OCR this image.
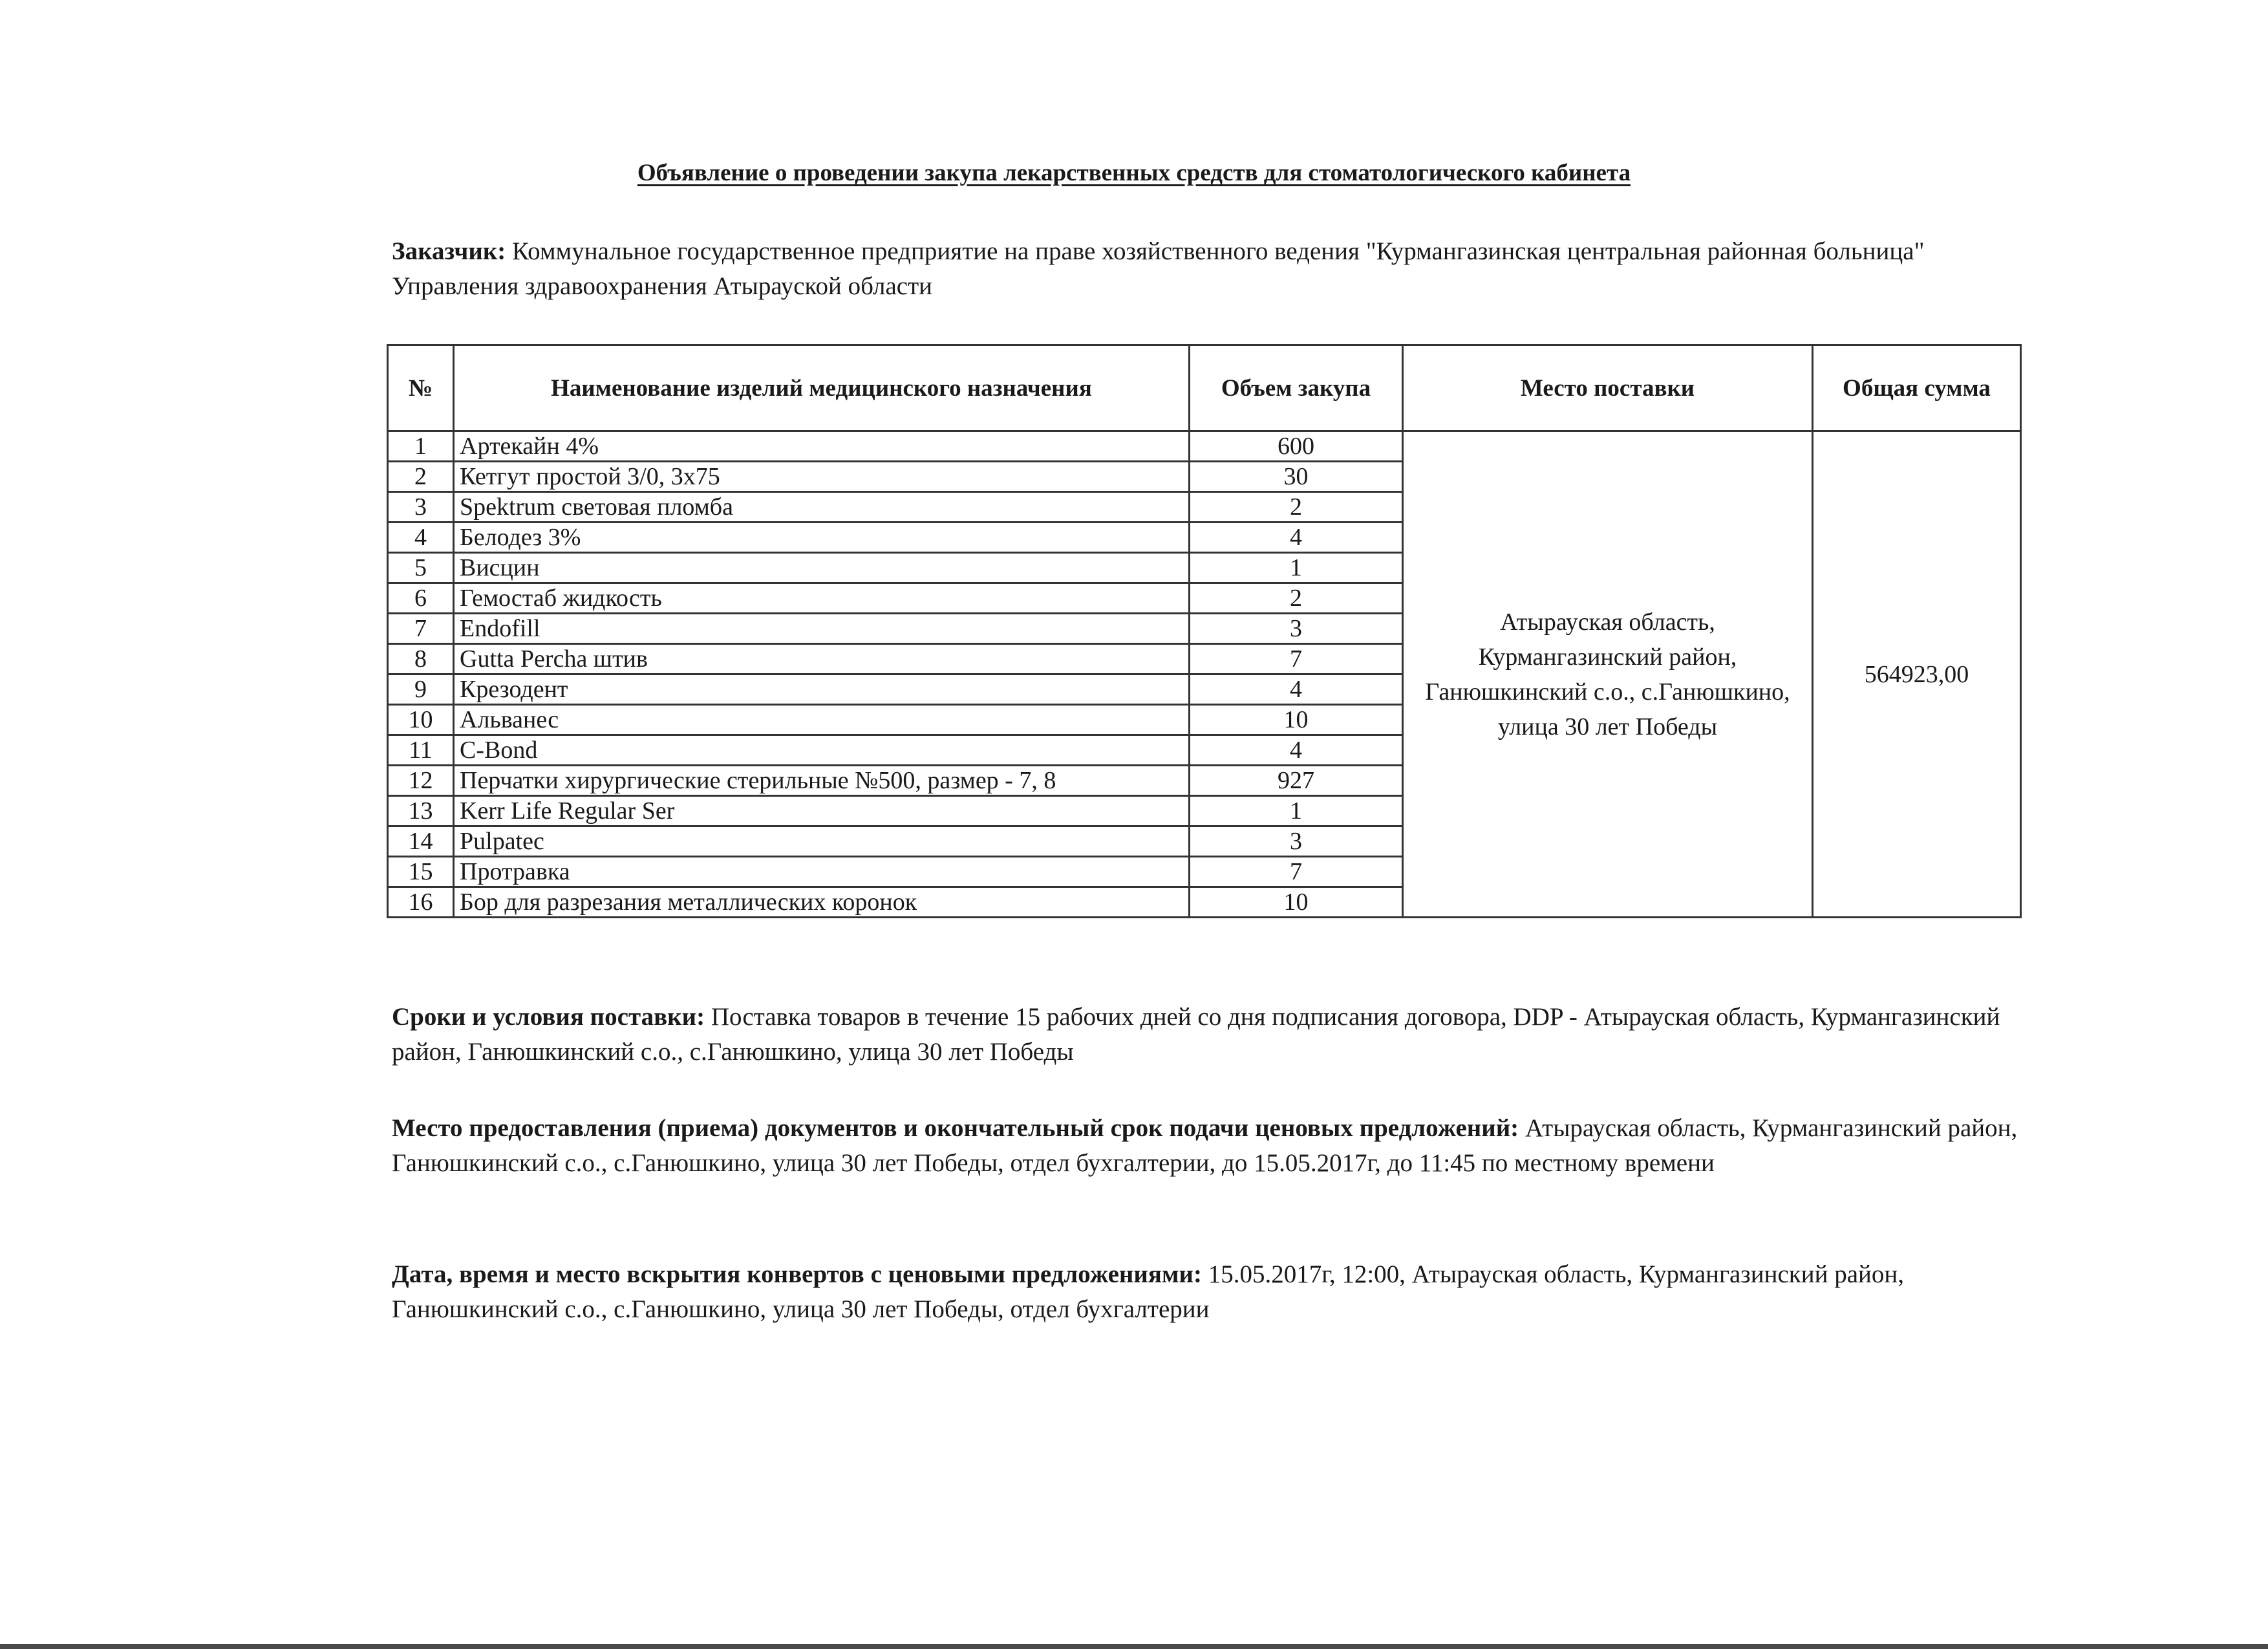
Объявление о проведении закупа лекарственных средств для стоматологического кабинета
Заказчик: Коммунальное государственное предприятие на праве хозяйственного ведения "Курмангазинская центральная районная больница" Управления здравоохранения Атырауской области
№	Наименование изделий медицинского назначения	Объем закупа	Место поставки	Общая сумма
1	Артекайн 4%	600	Атырауская область, Курмангазинский район, Ганюшкинский с.о., с.Ганюшкино, улица 30 лет Победы	564923,00
2	Кетгут простой 3/0, 3х75	30		
3	Spektrum световая пломба	2		
4	Белодез 3%	4		
5	Висцин	1		
6	Гемостаб жидкость	2		
7	Endofill	3		
8	Gutta Percha штив	7		
9	Крезодент	4		
10	Альванес	10		
11	C-Bond	4		
12	Перчатки хирургические стерильные №500, размер - 7, 8	927		
13	Kerr Life Regular Ser	1		
14	Pulpatec	3		
15	Протравка	7		
16	Бор для разрезания металлических коронок	10		
Сроки и условия поставки: Поставка товаров в течение 15 рабочих дней со дня подписания договора, DDP - Атырауская область, Курмангазинский район, Ганюшкинский с.о., с.Ганюшкино, улица 30 лет Победы
Место предоставления (приема) документов и окончательный срок подачи ценовых предложений: Атырауская область, Курмангазинский район, Ганюшкинский с.о., с.Ганюшкино, улица 30 лет Победы, отдел бухгалтерии, до 15.05.2017г, до 11:45 по местному времени
Дата, время и место вскрытия конвертов с ценовыми предложениями: 15.05.2017г, 12:00, Атырауская область, Курмангазинский район, Ганюшкинский с.о., с.Ганюшкино, улица 30 лет Победы, отдел бухгалтерии
